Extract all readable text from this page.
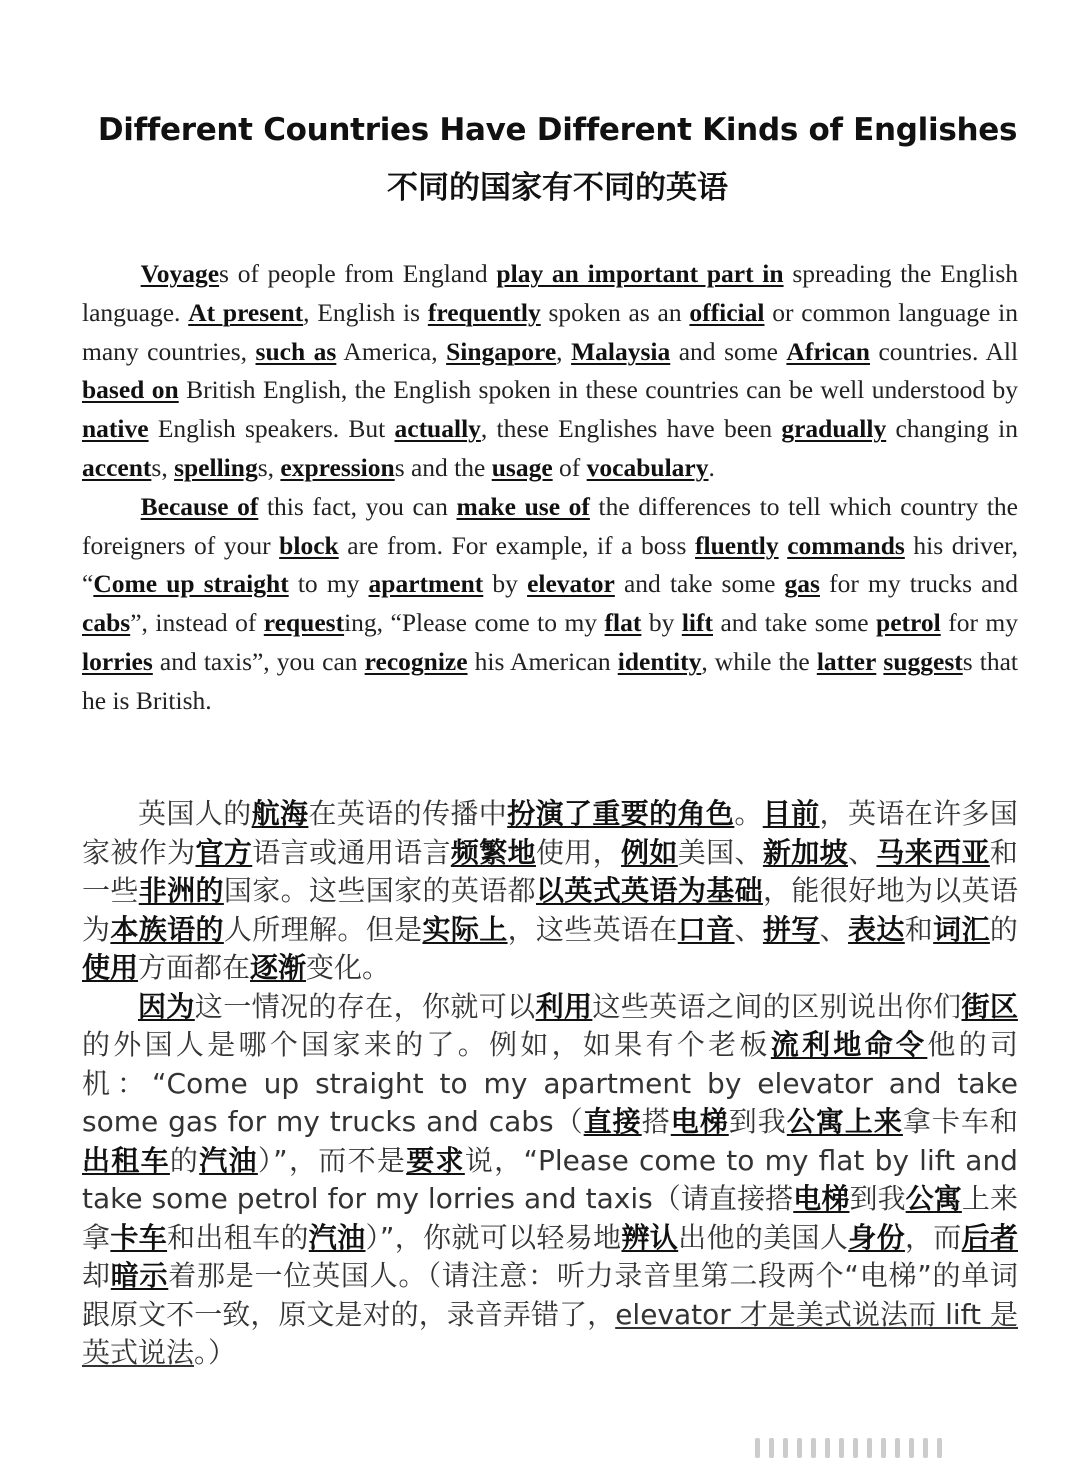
Different Countries Have Different Kinds of Englishes
不同的国家有不同的英语

Voyages of people from England play an important part in spreading the English language. At present, English is frequently spoken as an official or common language in many countries, such as America, Singapore, Malaysia and some African countries. All based on British English, the English spoken in these countries can be well understood by native English speakers. But actually, these Englishes have been gradually changing in accents, spellings, expressions and the usage of vocabulary.

Because of this fact, you can make use of the differences to tell which country the foreigners of your block are from. For example, if a boss fluently commands his driver, “Come up straight to my apartment by elevator and take some gas for my trucks and cabs”, instead of requesting, “Please come to my flat by lift and take some petrol for my lorries and taxis”, you can recognize his American identity, while the latter suggests that he is British.

英国人的航海在英语的传播中扮演了重要的角色。目前，英语在许多国家被作为官方语言或通用语言频繁地使用，例如美国、新加坡、马来西亚和一些非洲的国家。这些国家的英语都以英式英语为基础，能很好地为以英语为本族语的人所理解。但是实际上，这些英语在口音、拼写、表达和词汇的使用方面都在逐渐变化。

因为这一情况的存在，你就可以利用这些英语之间的区别说出你们街区的外国人是哪个国家来的了。例如，如果有个老板流利地命令他的司机：“Come up straight to my apartment by elevator and take some gas for my trucks and cabs（直接搭电梯到我公寓上来拿卡车和出租车的汽油）”，而不是要求说，“Please come to my flat by lift and take some petrol for my lorries and taxis（请直接搭电梯到我公寓上来拿卡车和出租车的汽油）”，你就可以轻易地辨认出他的美国人身份，而后者却暗示着那是一位英国人。（请注意：听力录音里第二段两个“电梯”的单词跟原文不一致，原文是对的，录音弄错了，elevator 才是美式说法而 lift 是英式说法。）
